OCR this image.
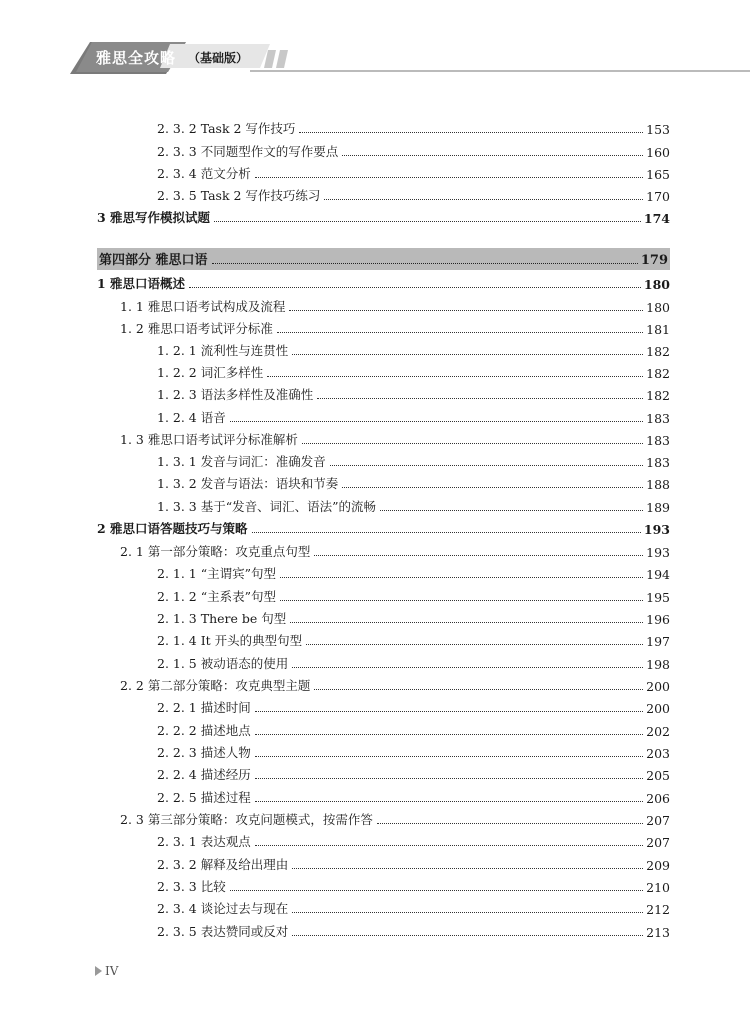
雅思全攻略 （基础版）
2. 3. 2 Task 2 写作技巧	153
2. 3. 3 不同题型作文的写作要点	160
2. 3. 4 范文分析	165
2. 3. 5 Task 2 写作技巧练习	170
3 雅思写作模拟试题	174
第四部分 雅思口语	179
1 雅思口语概述	180
1. 1 雅思口语考试构成及流程	180
1. 2 雅思口语考试评分标准	181
1. 2. 1 流利性与连贯性	182
1. 2. 2 词汇多样性	182
1. 2. 3 语法多样性及准确性	182
1. 2. 4 语音	183
1. 3 雅思口语考试评分标准解析	183
1. 3. 1 发音与词汇：准确发音	183
1. 3. 2 发音与语法：语块和节奏	188
1. 3. 3 基于“发音、词汇、语法”的流畅	189
2 雅思口语答题技巧与策略	193
2. 1 第一部分策略：攻克重点句型	193
2. 1. 1 “主谓宾”句型	194
2. 1. 2 “主系表”句型	195
2. 1. 3 There be 句型	196
2. 1. 4 It 开头的典型句型	197
2. 1. 5 被动语态的使用	198
2. 2 第二部分策略：攻克典型主题	200
2. 2. 1 描述时间	200
2. 2. 2 描述地点	202
2. 2. 3 描述人物	203
2. 2. 4 描述经历	205
2. 2. 5 描述过程	206
2. 3 第三部分策略：攻克问题模式，按需作答	207
2. 3. 1 表达观点	207
2. 3. 2 解释及给出理由	209
2. 3. 3 比较	210
2. 3. 4 谈论过去与现在	212
2. 3. 5 表达赞同或反对	213
IV
